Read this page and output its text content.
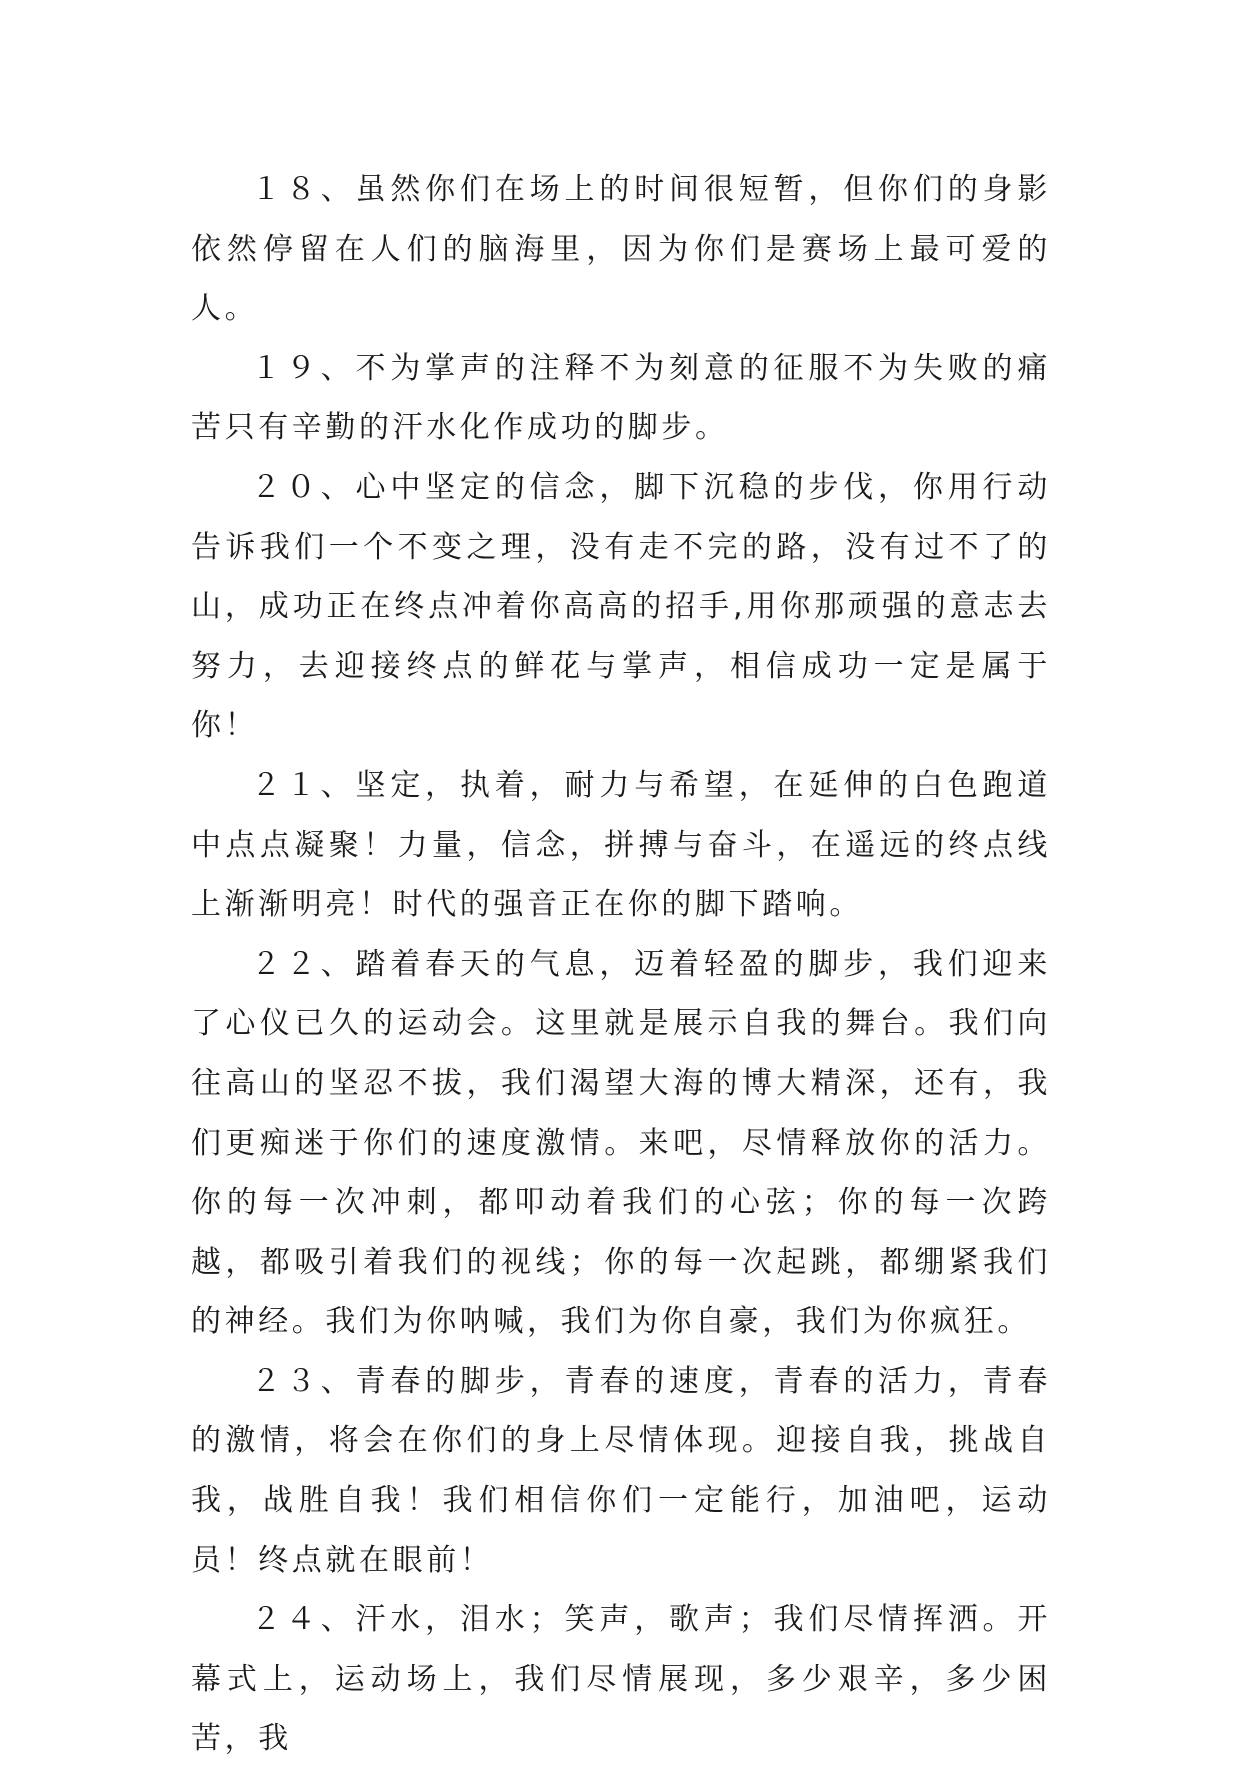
１８、虽然你们在场上的时间很短暂，但你们的身影依然停留在人们的脑海里，因为你们是赛场上最可爱的人。

１９、不为掌声的注释不为刻意的征服不为失败的痛苦只有辛勤的汗水化作成功的脚步。

２０、心中坚定的信念，脚下沉稳的步伐，你用行动告诉我们一个不变之理，没有走不完的路，没有过不了的山，成功正在终点冲着你高高的招手,用你那顽强的意志去努力，去迎接终点的鲜花与掌声，相信成功一定是属于你！

２１、坚定，执着，耐力与希望，在延伸的白色跑道中点点凝聚！力量，信念，拼搏与奋斗，在遥远的终点线上渐渐明亮！时代的强音正在你的脚下踏响。

２２、踏着春天的气息，迈着轻盈的脚步，我们迎来了心仪已久的运动会。这里就是展示自我的舞台。我们向往高山的坚忍不拔，我们渴望大海的博大精深，还有，我们更痴迷于你们的速度激情。来吧，尽情释放你的活力。你的每一次冲刺，都叩动着我们的心弦；你的每一次跨越，都吸引着我们的视线；你的每一次起跳，都绷紧我们的神经。我们为你呐喊，我们为你自豪，我们为你疯狂。

２３、青春的脚步，青春的速度，青春的活力，青春的激情，将会在你们的身上尽情体现。迎接自我，挑战自我，战胜自我！我们相信你们一定能行，加油吧，运动员！终点就在眼前！

２４、汗水，泪水；笑声，歌声；我们尽情挥洒。开幕式上，运动场上，我们尽情展现，多少艰辛，多少困苦，我
